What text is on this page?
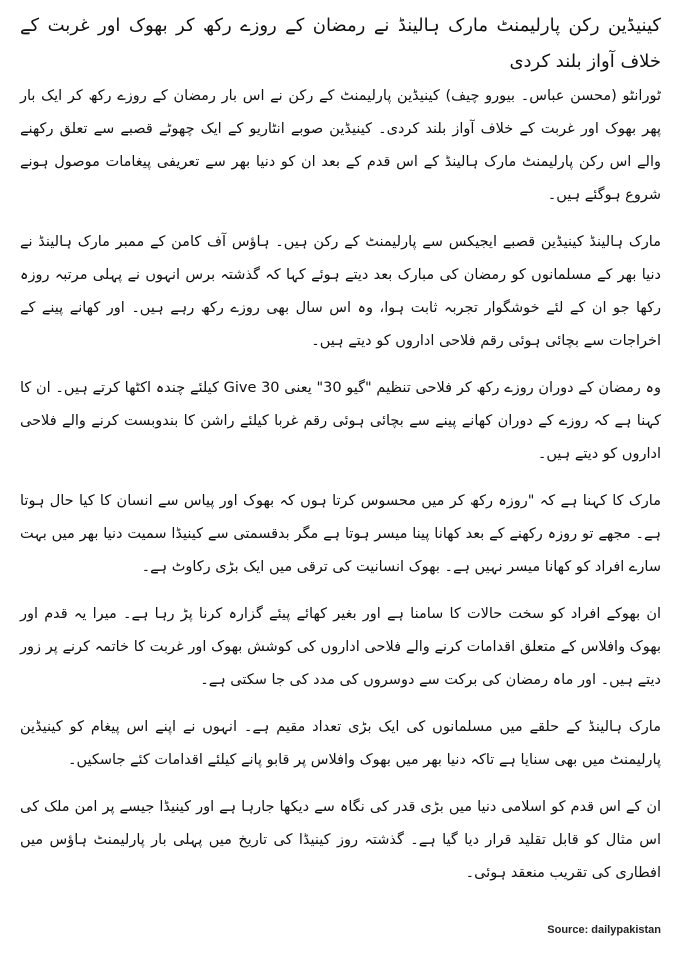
کینیڈین رکن پارلیمنٹ مارک ہالینڈ نے رمضان کے روزے رکھ کر بھوک اور غربت کے خلاف آواز بلند کردی

ٹورانٹو (محسن عباس۔ بیورو چیف) کینیڈین پارلیمنٹ کے رکن نے اس بار رمضان کے روزے رکھ کر ایک بار پھر بھوک اور غربت کے خلاف آواز بلند کردی۔ کینیڈین صوبے انٹاریو کے ایک چھوٹے قصبے سے تعلق رکھنے والے اس رکن پارلیمنٹ مارک ہالینڈ کے اس قدم کے بعد ان کو دنیا بھر سے تعریفی پیغامات موصول ہونے شروع ہوگئے ہیں۔

مارک ہالینڈ کینیڈین قصبے ایجیکس سے پارلیمنٹ کے رکن ہیں۔ ہاؤس آف کامن کے ممبر مارک ہالینڈ نے دنیا بھر کے مسلمانوں کو رمضان کی مبارک بعد دیتے ہوئے کہا کہ گذشتہ برس انہوں نے پہلی مرتبہ روزہ رکھا جو ان کے لئے خوشگوار تجربہ ثابت ہوا، وہ اس سال بھی روزے رکھ رہے ہیں۔ اور کھانے پینے کے اخراجات سے بچائی ہوئی رقم فلاحی اداروں کو دیتے ہیں۔

وہ رمضان کے دوران روزے رکھ کر فلاحی تنظیم "گیو 30" یعنی Give 30 کیلئے چندہ اکٹھا کرتے ہیں۔ ان کا کہنا ہے کہ روزے کے دوران کھانے پینے سے بچائی ہوئی رقم غربا کیلئے راشن کا بندوبست کرنے والے فلاحی اداروں کو دیتے ہیں۔

مارک کا کہنا ہے کہ "روزہ رکھ کر میں محسوس کرتا ہوں کہ بھوک اور پیاس سے انسان کا کیا حال ہوتا ہے۔ مجھے تو روزہ رکھنے کے بعد کھانا پینا میسر ہوتا ہے مگر بدقسمتی سے کینیڈا سمیت دنیا بھر میں بہت سارے افراد کو کھانا میسر نہیں ہے۔ بھوک انسانیت کی ترقی میں ایک بڑی رکاوٹ ہے۔

ان بھوکے افراد کو سخت حالات کا سامنا ہے اور بغیر کھائے پیئے گزارہ کرنا پڑ رہا ہے۔ میرا یہ قدم اور بھوک وافلاس کے متعلق اقدامات کرنے والے فلاحی اداروں کی کوشش بھوک اور غربت کا خاتمہ کرنے پر زور دیتے ہیں۔ اور ماہ رمضان کی برکت سے دوسروں کی مدد کی جا سکتی ہے۔

مارک ہالینڈ کے حلقے میں مسلمانوں کی ایک بڑی تعداد مقیم ہے۔ انہوں نے اپنے اس پیغام کو کینیڈین پارلیمنٹ میں بھی سنایا ہے تاکہ دنیا بھر میں بھوک وافلاس پر قابو پانے کیلئے اقدامات کئے جاسکیں۔

ان کے اس قدم کو اسلامی دنیا میں بڑی قدر کی نگاہ سے دیکھا جارہا ہے اور کینیڈا جیسے پر امن ملک کی اس مثال کو قابل تقلید قرار دیا گیا ہے۔ گذشتہ روز کینیڈا کی تاریخ میں پہلی بار پارلیمنٹ ہاؤس میں افطاری کی تقریب منعقد ہوئی۔

Source: dailypakistan
